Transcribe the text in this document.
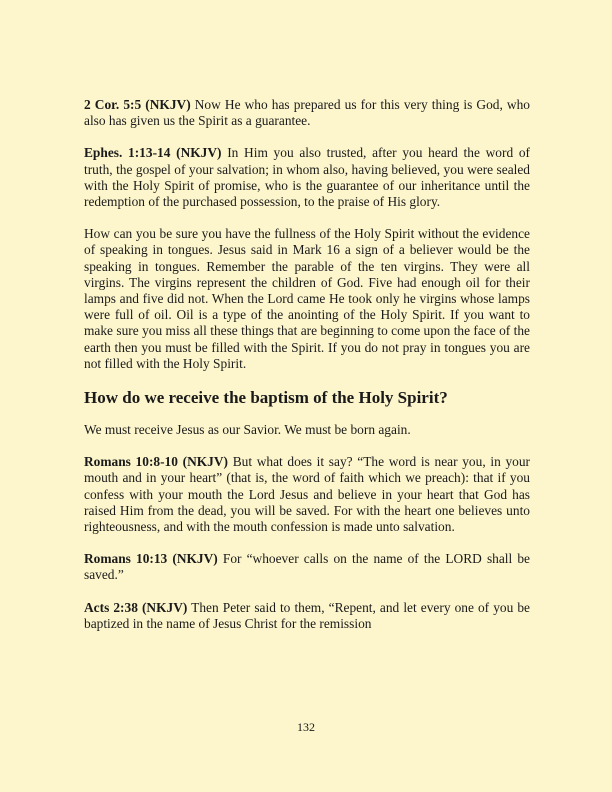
2 Cor. 5:5 (NKJV) Now He who has prepared us for this very thing is God, who also has given us the Spirit as a guarantee.

Ephes. 1:13-14 (NKJV) In Him you also trusted, after you heard the word of truth, the gospel of your salvation; in whom also, having believed, you were sealed with the Holy Spirit of promise, who is the guarantee of our inheritance until the redemption of the purchased possession, to the praise of His glory.

How can you be sure you have the fullness of the Holy Spirit without the evidence of speaking in tongues. Jesus said in Mark 16 a sign of a believer would be the speaking in tongues. Remember the parable of the ten virgins. They were all virgins. The virgins represent the children of God. Five had enough oil for their lamps and five did not. When the Lord came He took only he virgins whose lamps were full of oil. Oil is a type of the anointing of the Holy Spirit. If you want to make sure you miss all these things that are beginning to come upon the face of the earth then you must be filled with the Spirit. If you do not pray in tongues you are not filled with the Holy Spirit.

How do we receive the baptism of the Holy Spirit?

We must receive Jesus as our Savior. We must be born again.

Romans 10:8-10 (NKJV) But what does it say? “The word is near you, in your mouth and in your heart” (that is, the word of faith which we preach): that if you confess with your mouth the Lord Jesus and believe in your heart that God has raised Him from the dead, you will be saved. For with the heart one believes unto righteousness, and with the mouth confession is made unto salvation.

Romans 10:13 (NKJV) For “whoever calls on the name of the LORD shall be saved.”

Acts 2:38 (NKJV) Then Peter said to them, “Repent, and let every one of you be baptized in the name of Jesus Christ for the remission

132
